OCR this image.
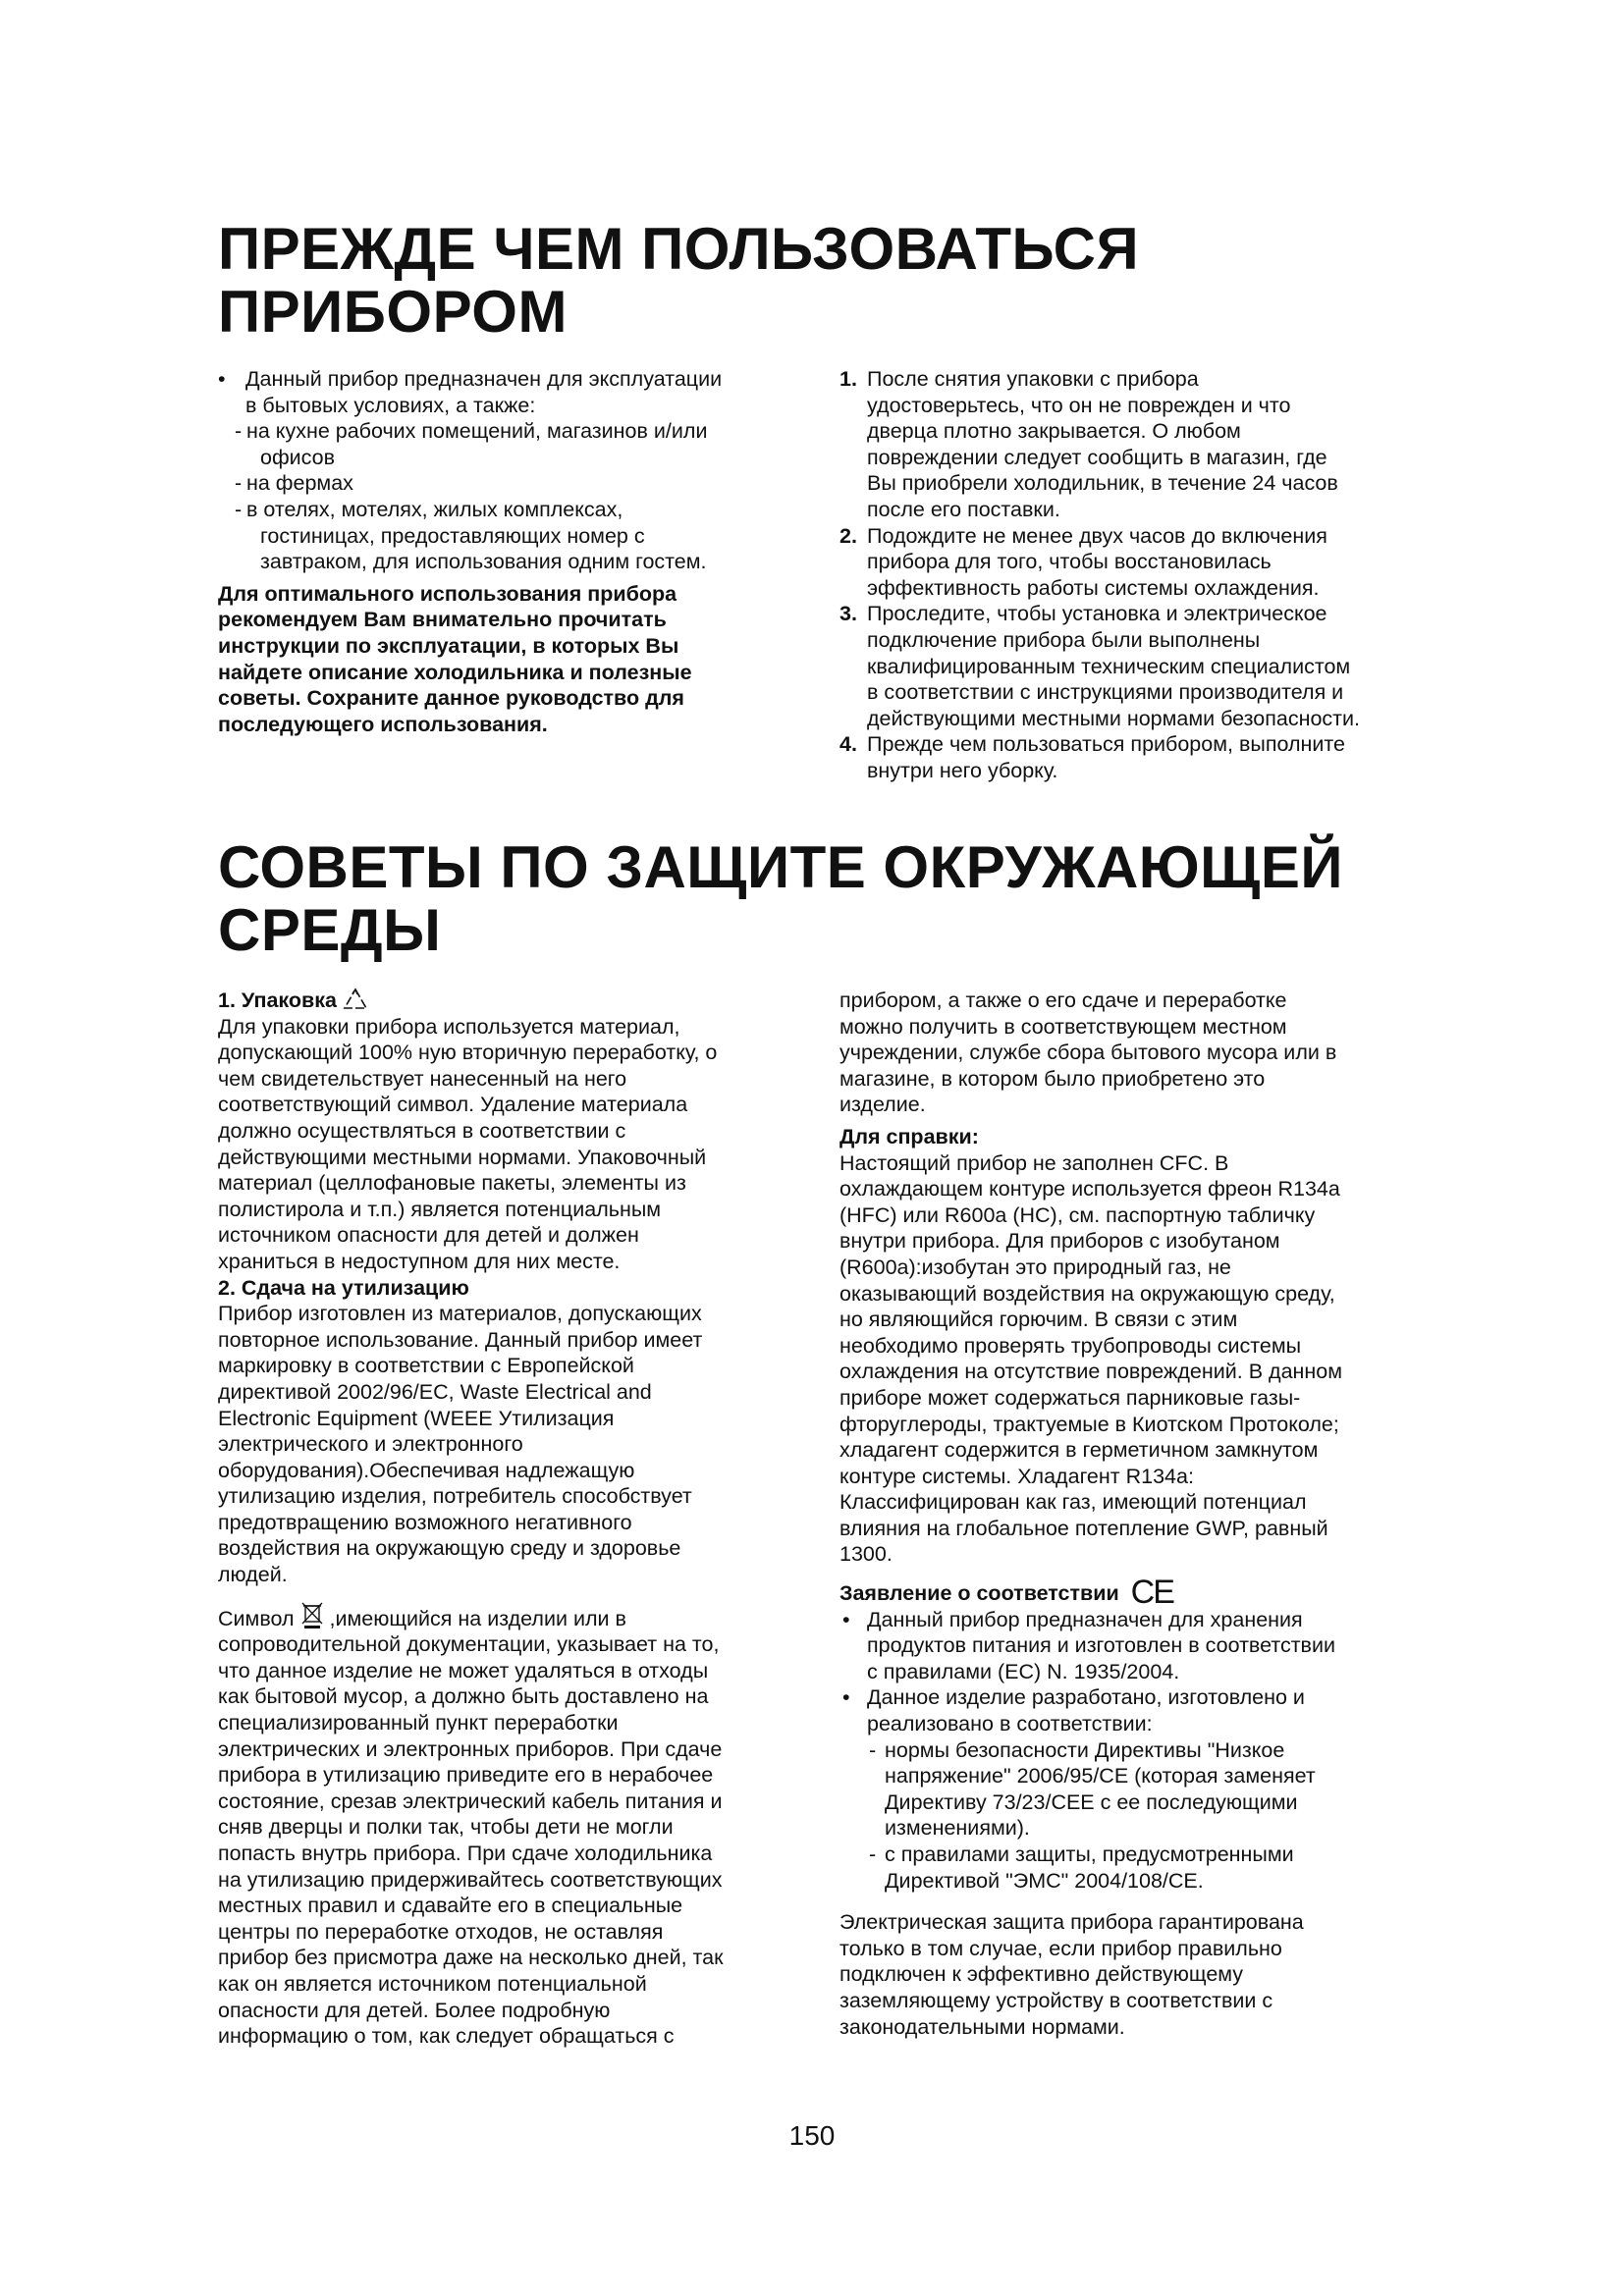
ПРЕЖДЕ ЧЕМ ПОЛЬЗОВАТЬСЯ
ПРИБОРОМ

• Данный прибор предназначен для эксплуатации

в бытовых условиях, а также:

- на кухне рабочих помещений, магазинов и/или

офисов

- на фермах

- в отелях, мотелях, жилых комплексах,

гостиницах, предоставляющих номер с

завтраком, для использования одним гостем.

Для оптимального использования прибора

рекомендуем Вам внимательно прочитать

инструкции по эксплуатации, в которых Вы

найдете описание холодильника и полезные

советы. Сохраните данное руководство для

последующего использования.

1. После снятия упаковки с прибора

удостоверьтесь, что он не поврежден и что

дверца плотно закрывается. О любом

повреждении следует сообщить в магазин, где

Вы приобрели холодильник, в течение 24 часов

после его поставки.

2. Подождите не менее двух часов до включения

прибора для того, чтобы восстановилась

эффективность работы системы охлаждения.

3. Проследите, чтобы установка и электрическое

подключение прибора были выполнены

квалифицированным техническим специалистом

в соответствии с инструкциями производителя и

действующими местными нормами безопасности.

4. Прежде чем пользоваться прибором, выполните

внутри него уборку.

СОВЕТЫ ПО ЗАЩИТЕ ОКРУЖАЮЩЕЙ
СРЕДЫ

1. Упаковка

Для упаковки прибора используется материал,

допускающий 100% ную вторичную переработку, о

чем свидетельствует нанесенный на него

соответствующий символ. Удаление материала

должно осуществляться в соответствии с

действующими местными нормами. Упаковочный

материал (целлофановые пакеты, элементы из

полистирола и т.п.) является потенциальным

источником опасности для детей и должен

храниться в недоступном для них месте.

2. Сдача на утилизацию

Прибор изготовлен из материалов, допускающих

повторное использование. Данный прибор имеет

маркировку в соответствии с Европейской

директивой 2002/96/EC, Waste Electrical and

Electronic Equipment (WEEE Утилизация

электрического и электронного

оборудования).Обеспечивая надлежащую

утилизацию изделия, потребитель способствует

предотвращению возможного негативного

воздействия на окружающую среду и здоровье

людей.

Символ ,имеющийся на изделии или в

сопроводительной документации, указывает на то,

что данное изделие не может удаляться в отходы

как бытовой мусор, а должно быть доставлено на

специализированный пункт переработки

электрических и электронных приборов. При сдаче

прибора в утилизацию приведите его в нерабочее

состояние, срезав электрический кабель питания и

сняв дверцы и полки так, чтобы дети не могли

попасть внутрь прибора. При сдаче холодильника

на утилизацию придерживайтесь соответствующих

местных правил и сдавайте его в специальные

центры по переработке отходов, не оставляя

прибор без присмотра даже на несколько дней, так

как он является источником потенциальной

опасности для детей. Более подробную

информацию о том, как следует обращаться с

прибором, а также о его сдаче и переработке

можно получить в соответствующем местном

учреждении, службе сбора бытового мусора или в

магазине, в котором было приобретено это

изделие.

Для справки:

Настоящий прибор не заполнен CFC. В

охлаждающем контуре используется фреон R134a

(HFC) или R600a (HC), см. паспортную табличку

внутри прибора. Для приборов с изобутаном

(R600a):изобутан это природный газ, не

оказывающий воздействия на окружающую среду,

но являющийся горючим. В связи с этим

необходимо проверять трубопроводы системы

охлаждения на отсутствие повреждений. В данном

приборе может содержаться парниковые газы-

фторуглероды, трактуемые в Киотском Протоколе;

хладагент содержится в герметичном замкнутом

контуре системы. Хладагент R134a:

Классифицирован как газ, имеющий потенциал

влияния на глобальное потепление GWP, равный

1300.

Заявление о соответствии CE

• Данный прибор предназначен для хранения

продуктов питания и изготовлен в соответствии

с правилами (ЕС) N. 1935/2004.

• Данное изделие разработано, изготовлено и

реализовано в соответствии:

- нормы безопасности Директивы "Низкое

напряжение" 2006/95/CE (которая заменяет

Директиву 73/23/CEE с ее последующими

изменениями).

- с правилами защиты, предусмотренными

Директивой "ЭМС" 2004/108/CE.

Электрическая защита прибора гарантирована

только в том случае, если прибор правильно

подключен к эффективно действующему

заземляющему устройству в соответствии с

законодательными нормами.

150
